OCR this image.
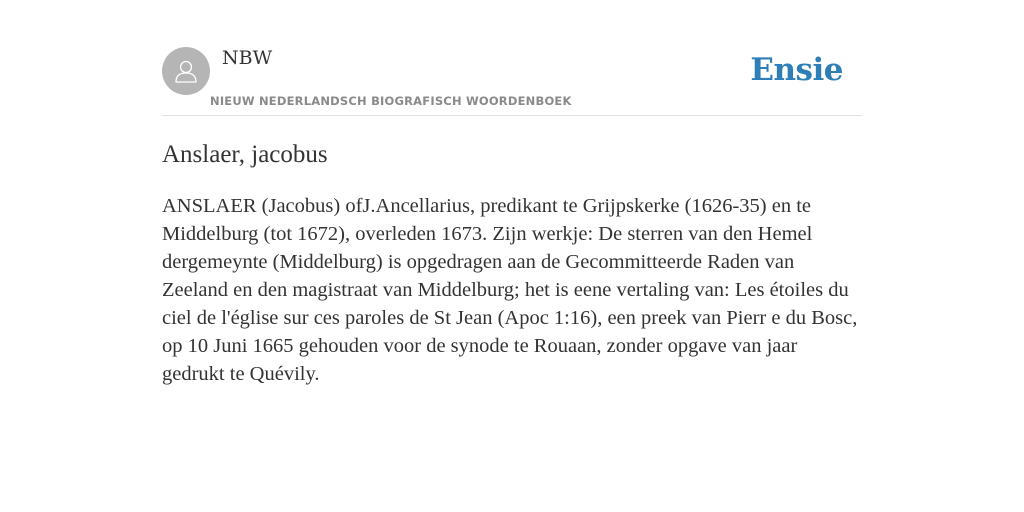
NBW

NIEUW NEDERLANDSCH BIOGRAFISCH WOORDENBOEK

Ensie
Anslaer, jacobus

ANSLAER (Jacobus) ofJ.Ancellarius, predikant te Grijpskerke (1626-35) en te Middelburg (tot 1672), overleden 1673. Zijn werkje: De sterren van den Hemel dergemeynte (Middelburg) is opgedragen aan de Gecommitteerde Raden van Zeeland en den magistraat van Middelburg; het is eene vertaling van: Les étoiles du ciel de l'église sur ces paroles de St Jean (Apoc 1:16), een preek van Pierr e du Bosc, op 10 Juni 1665 gehouden voor de synode te Rouaan, zonder opgave van jaar gedrukt te Quévily.
